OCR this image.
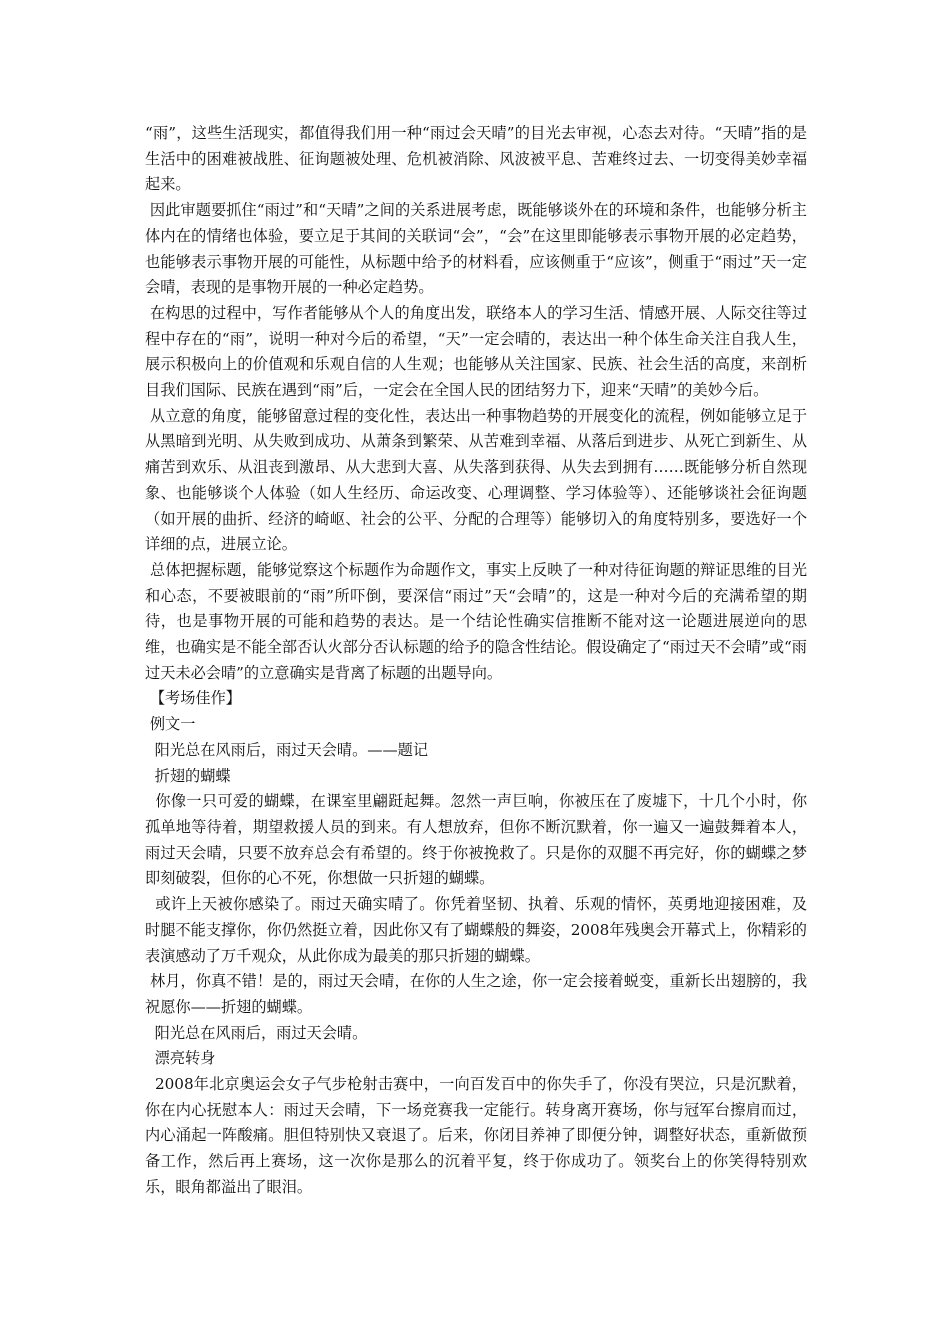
“雨”，这些生活现实，都值得我们用一种“雨过会天晴”的目光去审视，心态去对待。“天晴”指的是生活中的困难被战胜、征询题被处理、危机被消除、风波被平息、苦难终过去、一切变得美妙幸福起来。

因此审题要抓住“雨过”和“天晴”之间的关系进展考虑，既能够谈外在的环境和条件，也能够分析主体内在的情绪也体验，要立足于其间的关联词“会”，“会”在这里即能够表示事物开展的必定趋势，也能够表示事物开展的可能性，从标题中给予的材料看，应该侧重于“应该”，侧重于“雨过”天一定会晴，表现的是事物开展的一种必定趋势。

在构思的过程中，写作者能够从个人的角度出发，联络本人的学习生活、情感开展、人际交往等过程中存在的“雨”，说明一种对今后的希望，“天”一定会晴的，表达出一种个体生命关注自我人生，展示积极向上的价值观和乐观自信的人生观；也能够从关注国家、民族、社会生活的高度，来剖析目我们国际、民族在遇到“雨”后，一定会在全国人民的团结努力下，迎来“天晴”的美妙今后。

从立意的角度，能够留意过程的变化性，表达出一种事物趋势的开展变化的流程，例如能够立足于从黑暗到光明、从失败到成功、从萧条到繁荣、从苦难到幸福、从落后到进步、从死亡到新生、从痛苦到欢乐、从沮丧到激昂、从大悲到大喜、从失落到获得、从失去到拥有……既能够分析自然现象、也能够谈个人体验（如人生经历、命运改变、心理调整、学习体验等）、还能够谈社会征询题（如开展的曲折、经济的崎岖、社会的公平、分配的合理等）能够切入的角度特别多，要选好一个详细的点，进展立论。

总体把握标题，能够觉察这个标题作为命题作文，事实上反映了一种对待征询题的辩证思维的目光和心态，不要被眼前的“雨”所吓倒，要深信“雨过”天“会晴”的，这是一种对今后的充满希望的期待，也是事物开展的可能和趋势的表达。是一个结论性确实信推断不能对这一论题进展逆向的思维，也确实是不能全部否认火部分否认标题的给予的隐含性结论。假设确定了“雨过天不会晴”或“雨过天未必会晴”的立意确实是背离了标题的出题导向。

【考场佳作】

例文一

阳光总在风雨后，雨过天会晴。——题记

折翅的蝴蝶

你像一只可爱的蝴蝶，在课室里翩跹起舞。忽然一声巨响，你被压在了废墟下，十几个小时，你孤单地等待着，期望救援人员的到来。有人想放弃，但你不断沉默着，你一遍又一遍鼓舞着本人，雨过天会晴，只要不放弃总会有希望的。终于你被挽救了。只是你的双腿不再完好，你的蝴蝶之梦即刻破裂，但你的心不死，你想做一只折翅的蝴蝶。

或许上天被你感染了。雨过天确实晴了。你凭着坚韧、执着、乐观的情怀，英勇地迎接困难，及时腿不能支撑你，你仍然挺立着，因此你又有了蝴蝶般的舞姿，2008年残奥会开幕式上，你精彩的表演感动了万千观众，从此你成为最美的那只折翅的蝴蝶。

林月，你真不错！是的，雨过天会晴，在你的人生之途，你一定会接着蜕变，重新长出翅膀的，我祝愿你——折翅的蝴蝶。

阳光总在风雨后，雨过天会晴。

漂亮转身

2008年北京奥运会女子气步枪射击赛中，一向百发百中的你失手了，你没有哭泣，只是沉默着，你在内心抚慰本人：雨过天会晴，下一场竞赛我一定能行。转身离开赛场，你与冠军台擦肩而过，内心涌起一阵酸痛。胆但特别快又衰退了。后来，你闭目养神了即便分钟，调整好状态，重新做预备工作，然后再上赛场，这一次你是那么的沉着平复，终于你成功了。领奖台上的你笑得特别欢乐，眼角都溢出了眼泪。
